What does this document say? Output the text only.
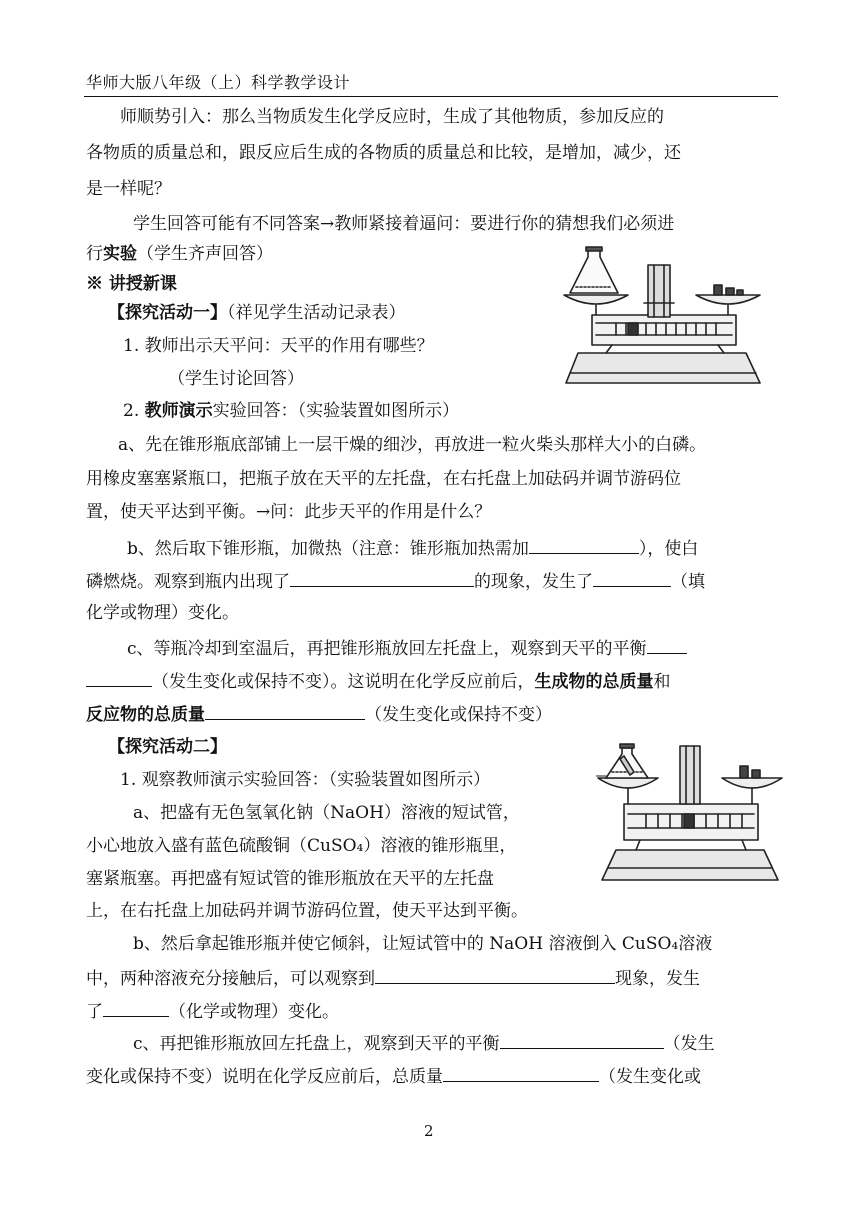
华师大版八年级（上）科学教学设计
师顺势引入：那么当物质发生化学反应时，生成了其他物质，参加反应的
各物质的质量总和，跟反应后生成的各物质的质量总和比较，是增加，减少，还
是一样呢？
学生回答可能有不同答案→教师紧接着逼问：要进行你的猜想我们必须进
行实验（学生齐声回答）
※ 讲授新课
【探究活动一】（祥见学生活动记录表）
1. 教师出示天平问：天平的作用有哪些？
（学生讨论回答）
2. 教师演示实验回答：（实验装置如图所示）
a、先在锥形瓶底部铺上一层干燥的细沙，再放进一粒火柴头那样大小的白磷。
用橡皮塞塞紧瓶口，把瓶子放在天平的左托盘，在右托盘上加砝码并调节游码位
置，使天平达到平衡。→问：此步天平的作用是什么？
b、然后取下锥形瓶，加微热（注意：锥形瓶加热需加	），使白
磷燃烧。观察到瓶内出现了	的现象，发生了	（填
化学或物理）变化。
c、等瓶冷却到室温后，再把锥形瓶放回左托盘上，观察到天平的平衡
（发生变化或保持不变）。这说明在化学反应前后，生成物的总质量和
反应物的总质量	（发生变化或保持不变）
【探究活动二】
1. 观察教师演示实验回答：（实验装置如图所示）
a、把盛有无色氢氧化钠（NaOH）溶液的短试管，
小心地放入盛有蓝色硫酸铜（CuSO₄）溶液的锥形瓶里，
塞紧瓶塞。再把盛有短试管的锥形瓶放在天平的左托盘
上，在右托盘上加砝码并调节游码位置，使天平达到平衡。
b、然后拿起锥形瓶并使它倾斜，让短试管中的 NaOH 溶液倒入 CuSO₄溶液
中，两种溶液充分接触后，可以观察到	现象，发生
了	（化学或物理）变化。
c、再把锥形瓶放回左托盘上，观察到天平的平衡	（发生
变化或保持不变）说明在化学反应前后，总质量	（发生变化或
2
